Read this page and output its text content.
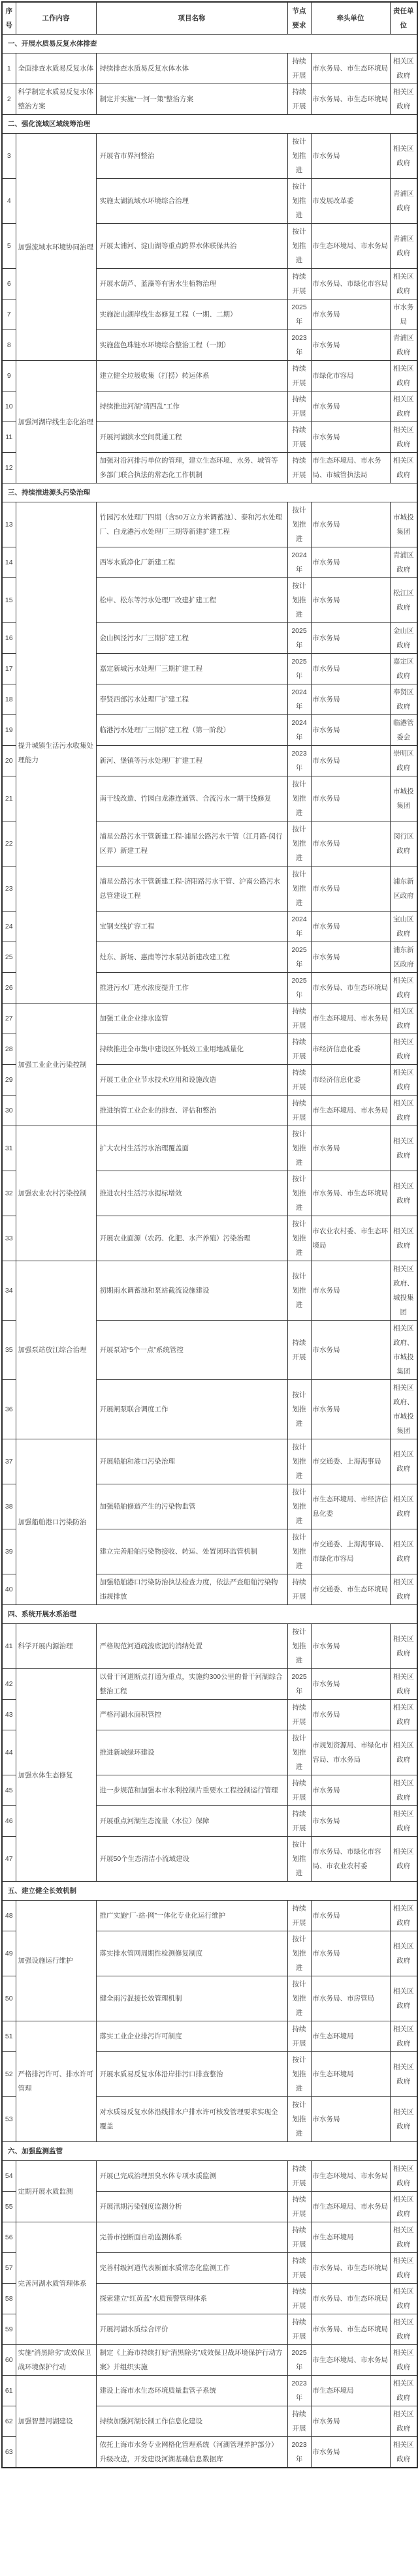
序号	工作内容	项目名称	节点要求	牵头单位	责任单位
一、开展水质易反复水体排查					
1	全面排查水质易反复水体	持续排查水质易反复水体水体	持续开展	市水务局、市生态环境局	相关区政府
2	科学制定水质易反复水体整治方案	制定并实施“一河一策”整治方案	持续开展	市水务局、市生态环境局	相关区政府
二、强化流域区域统筹治理					
3	加强流域水环境协同治理	开展省市界河整治	按计划推进	市水务局	相关区政府
4		实施太湖流域水环境综合治理	按计划推进	市发展改革委	青浦区政府
5		开展太浦河、淀山湖等重点跨界水体联保共治	按计划推进	市生态环境局、市水务局	青浦区政府
6		开展水葫芦、蓝藻等有害水生植物治理	持续开展	市水务局、市绿化市容局	相关区政府
7		实施淀山湖岸线生态修复工程（一期、二期）	2025年	市水务局	市水务局
8		实施蓝色珠链水环境综合整治工程（一期）	2023年	市水务局	青浦区政府
9	加强河湖岸线生态化治理	建立健全垃圾收集（打捞）转运体系	持续开展	市绿化市容局	相关区政府
10		持续推进河湖“清四乱”工作	持续开展	市水务局	相关区政府
11		开展河湖滨水空间贯通工程	持续开展	市水务局	相关区政府
12		加强对沿河排污单位的管理，建立生态环境、水务、城管等多部门联合执法的常态化工作机制	持续开展	市生态环境局、市水务局、市城管执法局	相关区政府
三、持续推进源头污染治理					
13	提升城镇生活污水收集处理能力	竹园污水处理厂四期（含50万立方米调蓄池）、泰和污水处理厂、白龙港污水处理厂三期等新建扩建工程	按计划推进	市水务局	市城投集团
14		西岑水质净化厂新建工程	2024年	市水务局	青浦区政府
15		松申、松东等污水处理厂改建扩建工程	按计划推进	市水务局	松江区政府
16		金山枫泾污水厂三期扩建工程	2025年	市水务局	金山区政府
17		嘉定新城污水处理厂三期扩建工程	2025年	市水务局	嘉定区政府
18		奉贤西部污水处理厂扩建工程	2024年	市水务局	奉贤区政府
19		临港污水处理厂三期扩建工程（第一阶段）	2024年	市水务局	临港管委会
20		新河、堡镇等污水处理厂扩建工程	2023年	市水务局	崇明区政府
21		南干线改造、竹园白龙港连通管、合流污水一期干线修复	按计划推进	市水务局	市城投集团
22		浦星公路污水干管新建工程-浦星公路污水干管（江月路-闵行区界）新建工程	按计划推进	市水务局	闵行区政府
23		浦星公路污水干管新建工程-济阳路污水干管、沪南公路污水总管建设工程	按计划推进	市水务局	浦东新区政府
24		宝钢支线扩容工程	2024年	市水务局	宝山区政府
25		灶东、新场、惠南等污水泵站新建改建工程	2025年	市水务局	浦东新区政府
26		推进污水厂进水浓度提升工作	2025年	市水务局、市生态环境局	相关区政府
27	加强工业企业污染控制	加强工业企业排水监管	持续开展	市生态环境局、市水务局	相关区政府
28		持续推进全市集中建设区外低效工业用地减量化	持续开展	市经济信息化委	相关区政府
29		开展工业企业节水技术应用和设施改造	持续开展	市经济信息化委	相关区政府
30		推进纳管工业企业的排查、评估和整治	持续开展	市生态环境局、市水务局	相关区政府
31	加强农业农村污染控制	扩大农村生活污水治理覆盖面	按计划推进	市水务局	相关区政府
32		推进农村生活污水提标增效	按计划推进	市水务局、市生态环境局	相关区政府
33		开展农业面源（农药、化肥、水产养殖）污染治理	按计划推进	市农业农村委、市生态环境局	相关区政府
34	加强泵站放江综合治理	初期雨水调蓄池和泵站截流设施建设	按计划推进	市水务局	相关区政府、城投集团
35		开展泵站“5个一点”系统管控	持续开展	市水务局	相关区政府、市城投集团
36		开展闸泵联合调度工作	按计划推进	市水务局	相关区政府、市城投集团
37	加强船舶港口污染防治	开展船舶和港口污染治理	按计划推进	市交通委、上海海事局	相关区政府
38		加强船舶修造产生的污染物监管	按计划推进	市生态环境局、市经济信息化委	相关区政府
39		建立完善船舶污染物接收、转运、处置闭环监管机制	按计划推进	市交通委、上海海事局、市绿化市容局	相关区政府
40		加强船舶港口污染防治执法检查力度，依法严查船舶污染物违规排放	持续开展	市交通委、市生态环境局	相关区政府
四、系统开展水系治理					
41	科学开展内源治理	严格规范河道疏浚底泥的消纳处置	按计划推进	市水务局	相关区政府
42	加强水体生态修复	以骨干河道断点打通为重点，实施约300公里的骨干河湖综合整治工程	2025年	市水务局	相关区政府
43		严格河湖水面积管控	持续开展	市水务局	相关区政府
44		推进新城绿环建设	按计划推进	市规划资源局、市绿化市容局、市水务局	相关区政府
45		进一步规范和加强本市水利控制片重要水工程控制运行管理	持续开展	市水务局	相关区政府
46		开展重点河湖生态流量（水位）保障	持续开展	市水务局	相关区政府
47		开展50个生态清洁小流域建设	按计划推进	市水务局、市绿化市容局、市农业农村委	相关区政府
五、建立健全长效机制					
48	加强设施运行维护	推广实施“厂-站-网”一体化专业化运行维护	持续开展	市水务局	相关区政府
49		落实排水管网周期性检测修复制度	按计划推进	市水务局	相关区政府
50		健全雨污混接长效管理机制	按计划推进	市水务局、市房管局	相关区政府
51	严格排污许可、排水许可管理	落实工业企业排污许可制度	持续开展	市生态环境局	相关区政府
52		开展水质易反复水体沿岸排污口排查整治	按计划推进	市生态环境局	相关区政府
53		对水质易反复水体沿线排水户排水许可核发管理要求实现全覆盖	按计划推进	市水务局	相关区政府
六、加强监测监管					
54	定期开展水质监测	开展已完成治理黑臭水体专项水质监测	持续开展	市生态环境局、市水务局	相关区政府
55		开展汛期污染强度监测分析	持续开展	市生态环境局、市水务局	相关区政府
56	完善河湖水质管理体系	完善市控断面自动监测体系	持续开展	市生态环境局	相关区政府
57		完善村级河道代表断面水质常态化监测工作	持续开展	市水务局、市生态环境局	相关区政府
58		探索建立“红黄蓝”水质预警管理体系	持续开展	市水务局、市生态环境局	相关区政府
59		开展河湖水质综合评价	持续开展	市水务局、市生态环境局	相关区政府
60	实施“消黑除劣”成效保卫战环境保护行动	制定《上海市持续打好“消黑除劣”成效保卫战环境保护行动方案》并组织实施	2025年	市生态环境局、市水务局	相关区政府
61	加强智慧河湖建设	建设上海市水生态环境质量监管子系统	2023年	市生态环境局	相关区政府
62		持续加强河湖长制工作信息化建设	持续开展	市水务局	相关区政府
63		依托上海市水务专业网格化管理系统（河湖管理养护部分）升级改造，开发建设河湖基础信息数据库	2023年	市水务局	相关区政府
